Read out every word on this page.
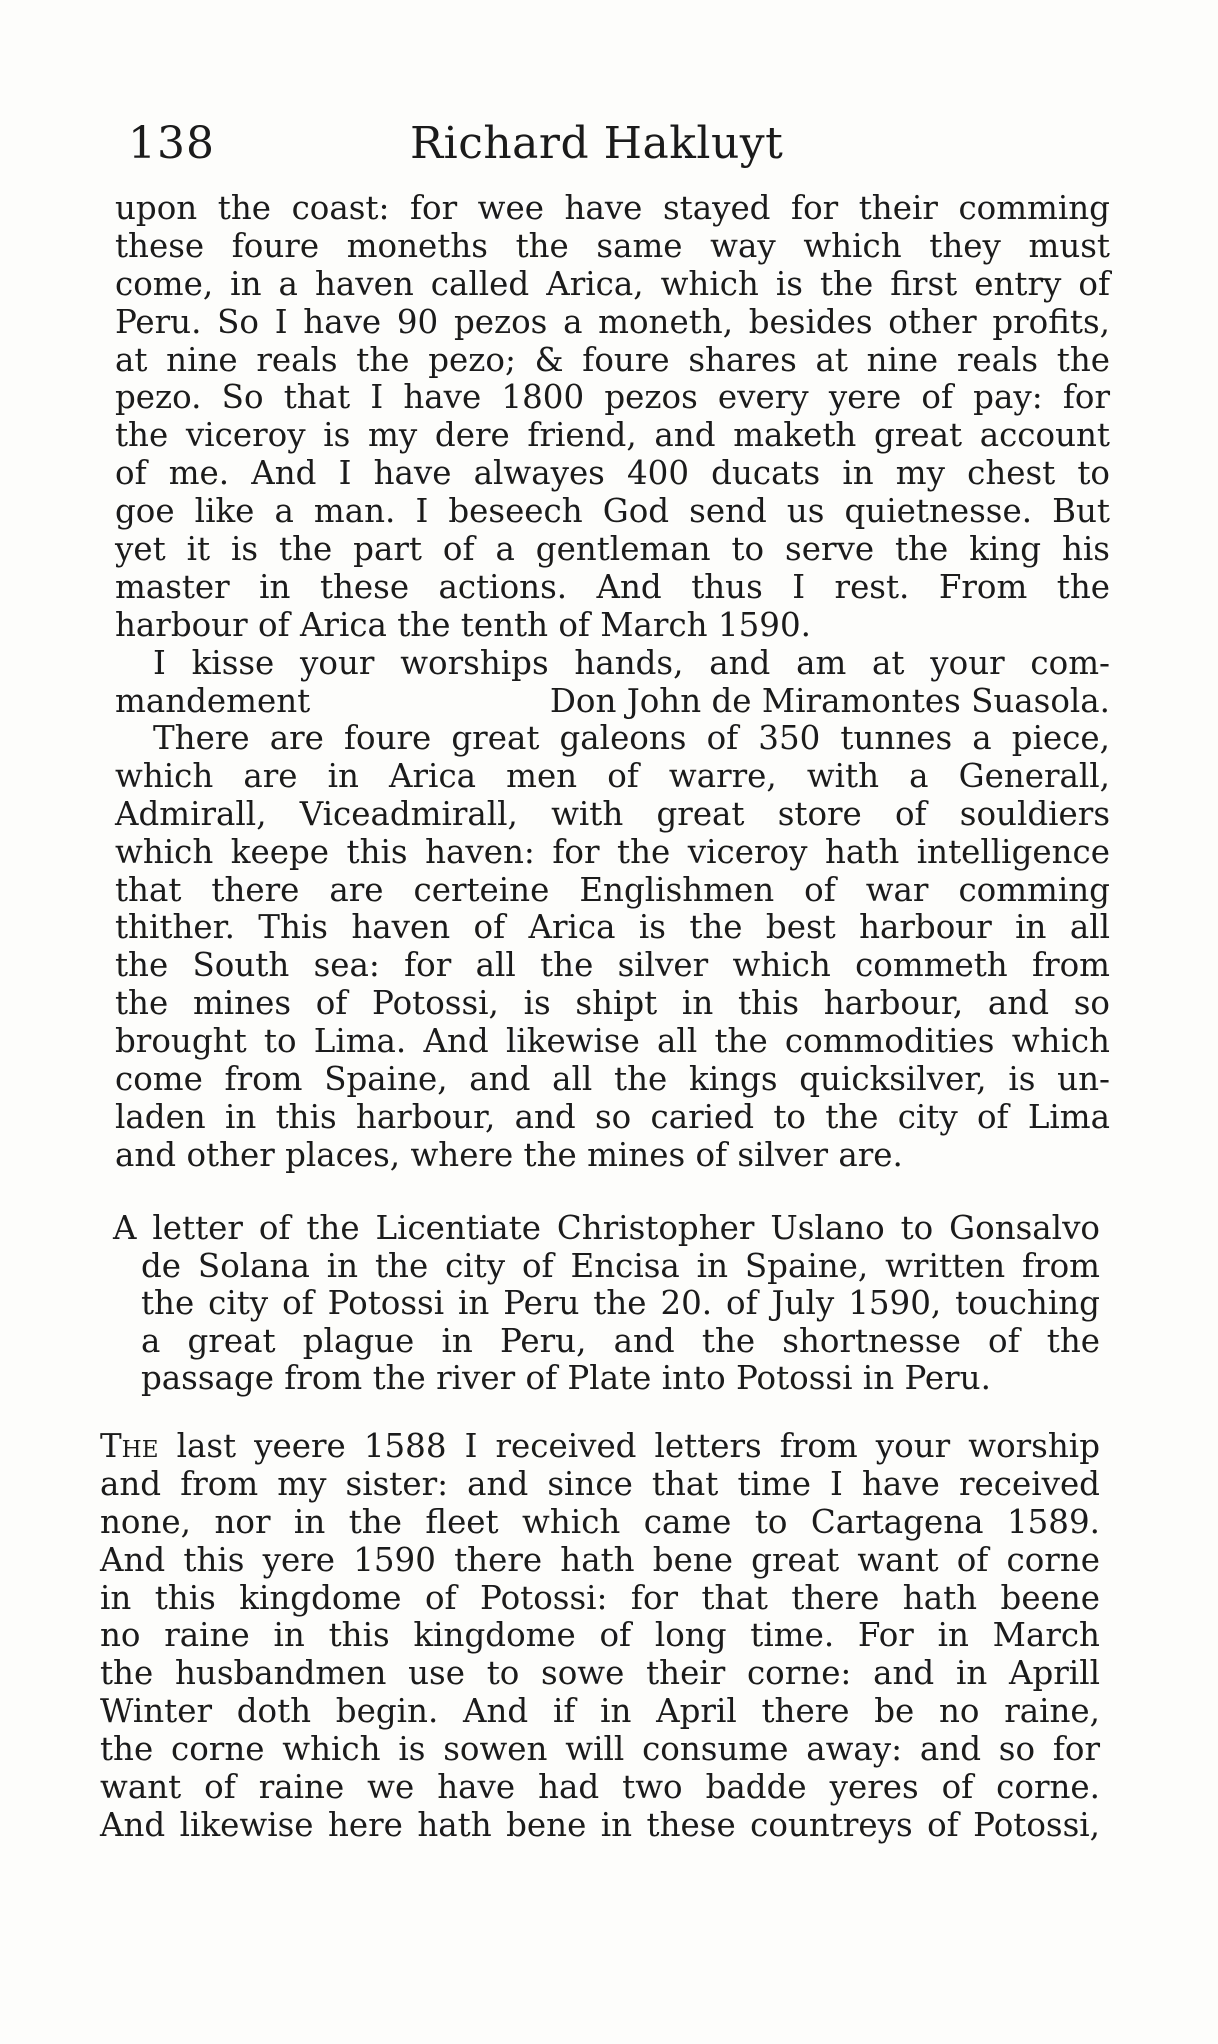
138	Richard Hakluyt
upon the coast: for wee have stayed for their comming
these foure moneths the same way which they must
come, in a haven called Arica, which is the first entry of
Peru. So I have 90 pezos a moneth, besides other profits,
at nine reals the pezo; & foure shares at nine reals the
pezo. So that I have 1800 pezos every yere of pay: for
the viceroy is my dere friend, and maketh great account
of me. And I have alwayes 400 ducats in my chest to
goe like a man. I beseech God send us quietnesse. But
yet it is the part of a gentleman to serve the king his
master in these actions. And thus I rest. From the
harbour of Arica the tenth of March 1590.
I kisse your worships hands, and am at your com-
mandement	Don John de Miramontes Suasola.
There are foure great galeons of 350 tunnes a piece,
which are in Arica men of warre, with a Generall,
Admirall, Viceadmirall, with great store of souldiers
which keepe this haven: for the viceroy hath intelligence
that there are certeine Englishmen of war comming
thither. This haven of Arica is the best harbour in all
the South sea: for all the silver which commeth from
the mines of Potossi, is shipt in this harbour, and so
brought to Lima. And likewise all the commodities which
come from Spaine, and all the kings quicksilver, is un-
laden in this harbour, and so caried to the city of Lima
and other places, where the mines of silver are.
A letter of the Licentiate Christopher Uslano to Gonsalvo
de Solana in the city of Encisa in Spaine, written from
the city of Potossi in Peru the 20. of July 1590, touching
a great plague in Peru, and the shortnesse of the
passage from the river of Plate into Potossi in Peru.
The last yeere 1588 I received letters from your worship
and from my sister: and since that time I have received
none, nor in the fleet which came to Cartagena 1589.
And this yere 1590 there hath bene great want of corne
in this kingdome of Potossi: for that there hath beene
no raine in this kingdome of long time. For in March
the husbandmen use to sowe their corne: and in Aprill
Winter doth begin. And if in April there be no raine,
the corne which is sowen will consume away: and so for
want of raine we have had two badde yeres of corne.
And likewise here hath bene in these countreys of Potossi,
